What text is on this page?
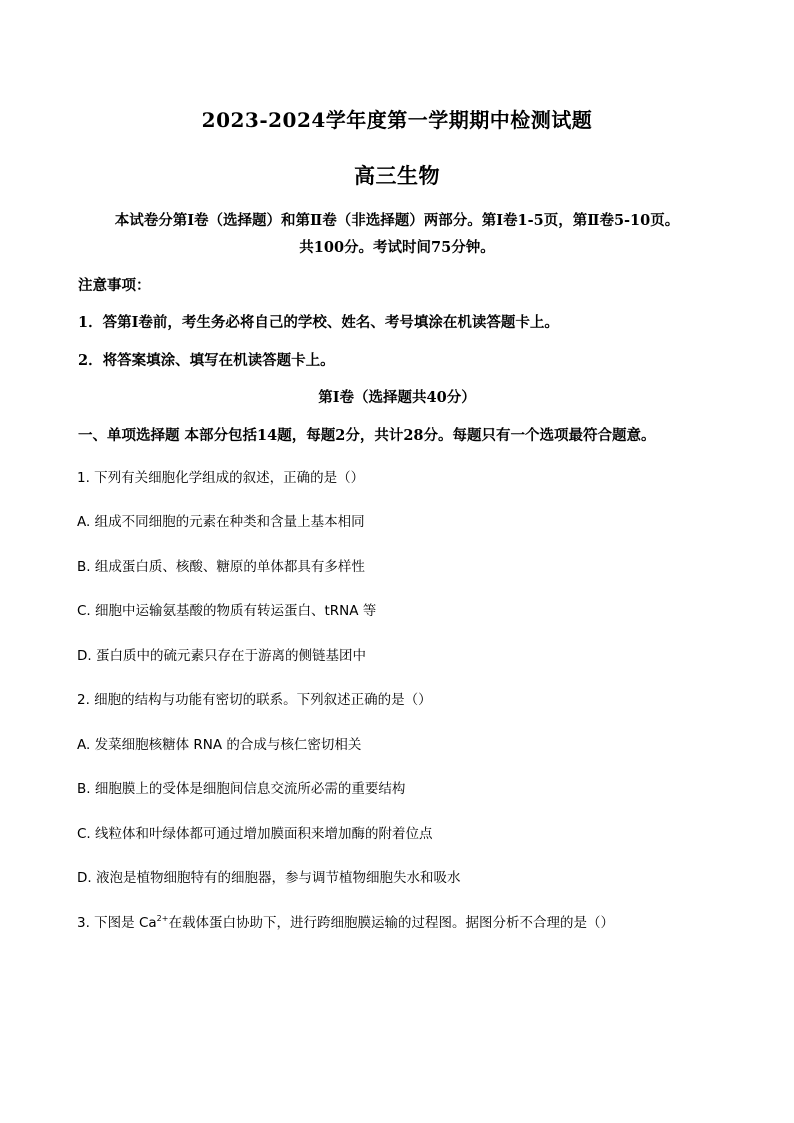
2023-2024学年度第一学期期中检测试题
高三生物
本试卷分第Ⅰ卷（选择题）和第Ⅱ卷（非选择题）两部分。第Ⅰ卷1-5页，第Ⅱ卷5-10页。
共100分。考试时间75分钟。
注意事项：
1．答第Ⅰ卷前，考生务必将自己的学校、姓名、考号填涂在机读答题卡上。
2．将答案填涂、填写在机读答题卡上。
第Ⅰ卷（选择题共40分）
一、单项选择题 本部分包括14题，每题2分，共计28分。每题只有一个选项最符合题意。
1. 下列有关细胞化学组成的叙述，正确的是（）
A. 组成不同细胞的元素在种类和含量上基本相同
B. 组成蛋白质、核酸、糖原的单体都具有多样性
C. 细胞中运输氨基酸的物质有转运蛋白、tRNA 等
D. 蛋白质中的硫元素只存在于游离的侧链基团中
2. 细胞的结构与功能有密切的联系。下列叙述正确的是（）
A. 发菜细胞核糖体 RNA 的合成与核仁密切相关
B. 细胞膜上的受体是细胞间信息交流所必需的重要结构
C. 线粒体和叶绿体都可通过增加膜面积来增加酶的附着位点
D. 液泡是植物细胞特有的细胞器，参与调节植物细胞失水和吸水
3. 下图是 $Ca^{2+}$在载体蛋白协助下，进行跨细胞膜运输的过程图。据图分析不合理的是（）
